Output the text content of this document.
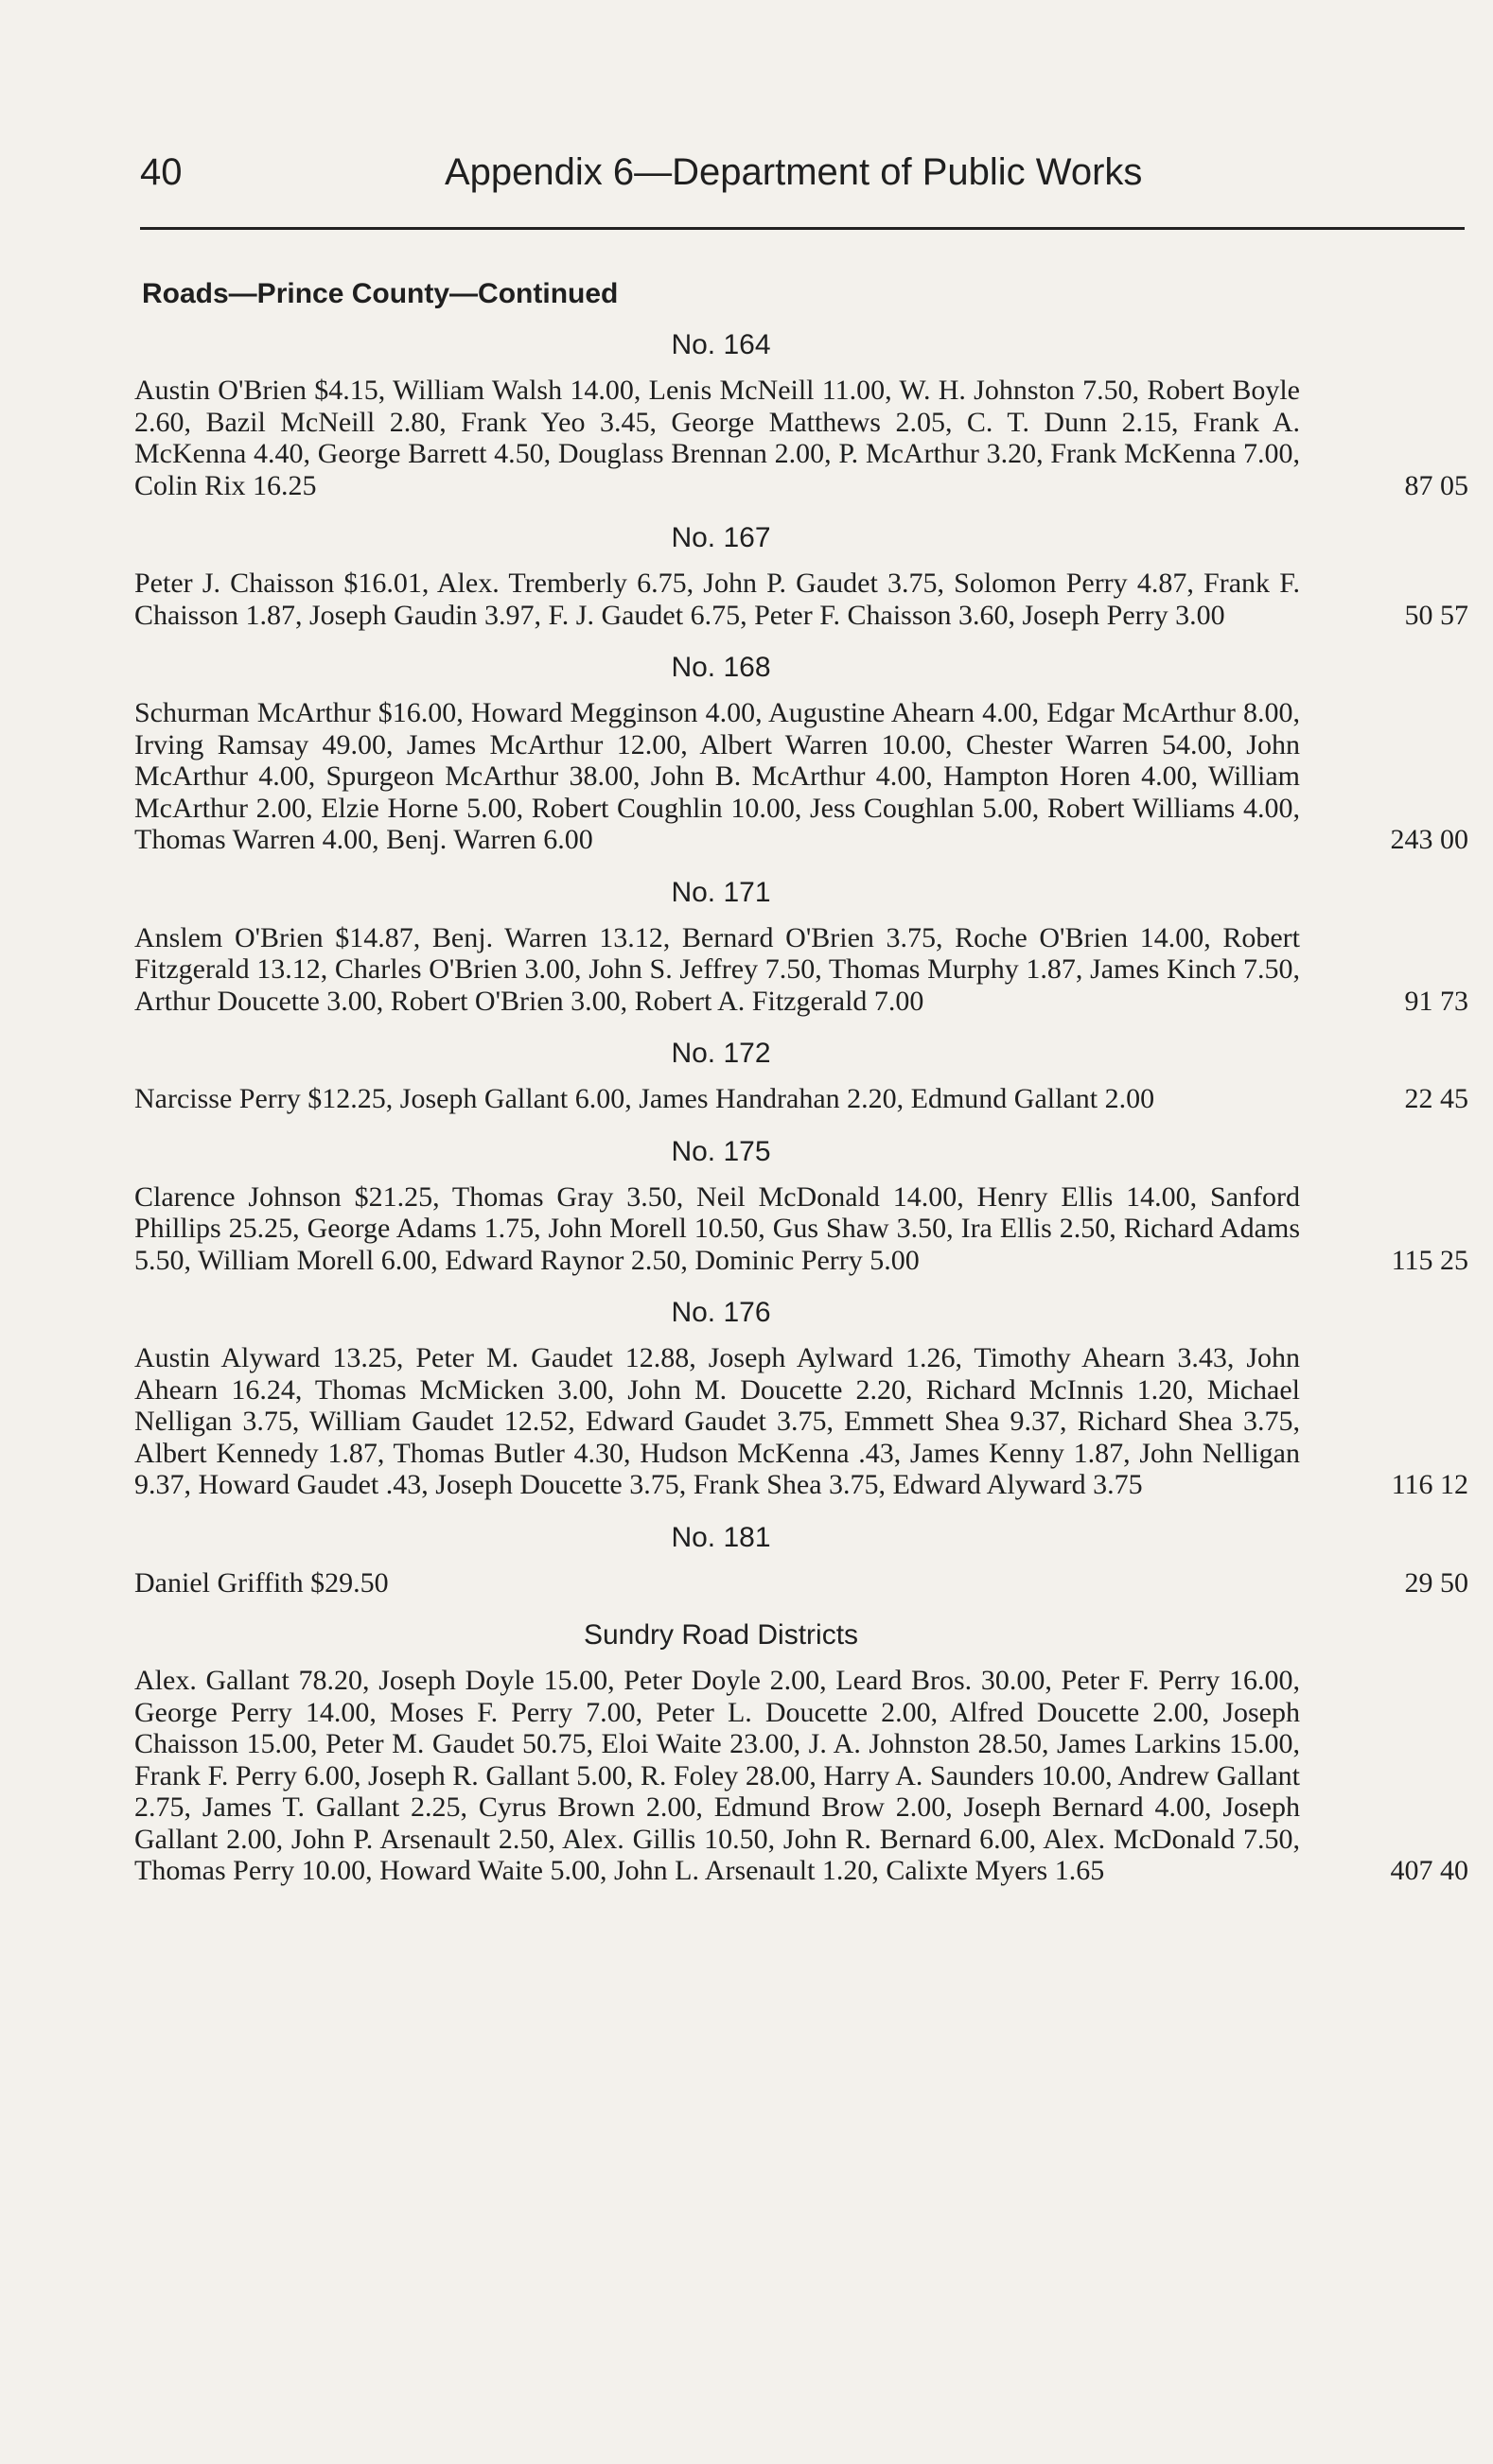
40	Appendix 6—Department of Public Works
Roads—Prince County—Continued
No. 164

Austin O'Brien $4.15, William Walsh 14.00, Lenis McNeill 11.00, W. H. Johnston 7.50, Robert Boyle 2.60, Bazil McNeill 2.80, Frank Yeo 3.45, George Matthews 2.05, C. T. Dunn 2.15, Frank A. McKenna 4.40, George Barrett 4.50, Douglass Brennan 2.00, P. McArthur 3.20, Frank McKenna 7.00, Colin Rix 16.25	87 05
No. 167

Peter J. Chaisson $16.01, Alex. Tremberly 6.75, John P. Gaudet 3.75, Solomon Perry 4.87, Frank F. Chaisson 1.87, Joseph Gaudin 3.97, F. J. Gaudet 6.75, Peter F. Chaisson 3.60, Joseph Perry 3.00	50 57
No. 168

Schurman McArthur $16.00, Howard Megginson 4.00, Augustine Ahearn 4.00, Edgar McArthur 8.00, Irving Ramsay 49.00, James McArthur 12.00, Albert Warren 10.00, Chester Warren 54.00, John McArthur 4.00, Spurgeon McArthur 38.00, John B. McArthur 4.00, Hampton Horen 4.00, William McArthur 2.00, Elzie Horne 5.00, Robert Coughlin 10.00, Jess Coughlan 5.00, Robert Williams 4.00, Thomas Warren 4.00, Benj. Warren 6.00	243 00
No. 171

Anslem O'Brien $14.87, Benj. Warren 13.12, Bernard O'Brien 3.75, Roche O'Brien 14.00, Robert Fitzgerald 13.12, Charles O'Brien 3.00, John S. Jeffrey 7.50, Thomas Murphy 1.87, James Kinch 7.50, Arthur Doucette 3.00, Robert O'Brien 3.00, Robert A. Fitzgerald 7.00	91 73
No. 172

Narcisse Perry $12.25, Joseph Gallant 6.00, James Handrahan 2.20, Edmund Gallant 2.00	22 45
No. 175

Clarence Johnson $21.25, Thomas Gray 3.50, Neil McDonald 14.00, Henry Ellis 14.00, Sanford Phillips 25.25, George Adams 1.75, John Morell 10.50, Gus Shaw 3.50, Ira Ellis 2.50, Richard Adams 5.50, William Morell 6.00, Edward Raynor 2.50, Dominic Perry 5.00	115 25
No. 176

Austin Alyward 13.25, Peter M. Gaudet 12.88, Joseph Aylward 1.26, Timothy Ahearn 3.43, John Ahearn 16.24, Thomas McMicken 3.00, John M. Doucette 2.20, Richard McInnis 1.20, Michael Nelligan 3.75, William Gaudet 12.52, Edward Gaudet 3.75, Emmett Shea 9.37, Richard Shea 3.75, Albert Kennedy 1.87, Thomas Butler 4.30, Hudson McKenna .43, James Kenny 1.87, John Nelligan 9.37, Howard Gaudet .43, Joseph Doucette 3.75, Frank Shea 3.75, Edward Alyward 3.75	116 12
No. 181

Daniel Griffith $29.50	29 50
Sundry Road Districts

Alex. Gallant 78.20, Joseph Doyle 15.00, Peter Doyle 2.00, Leard Bros. 30.00, Peter F. Perry 16.00, George Perry 14.00, Moses F. Perry 7.00, Peter L. Doucette 2.00, Alfred Doucette 2.00, Joseph Chaisson 15.00, Peter M. Gaudet 50.75, Eloi Waite 23.00, J. A. Johnston 28.50, James Larkins 15.00, Frank F. Perry 6.00, Joseph R. Gallant 5.00, R. Foley 28.00, Harry A. Saunders 10.00, Andrew Gallant 2.75, James T. Gallant 2.25, Cyrus Brown 2.00, Edmund Brow 2.00, Joseph Bernard 4.00, Joseph Gallant 2.00, John P. Arsenault 2.50, Alex. Gillis 10.50, John R. Bernard 6.00, Alex. McDonald 7.50, Thomas Perry 10.00, Howard Waite 5.00, John L. Arsenault 1.20, Calixte Myers 1.65	407 40
